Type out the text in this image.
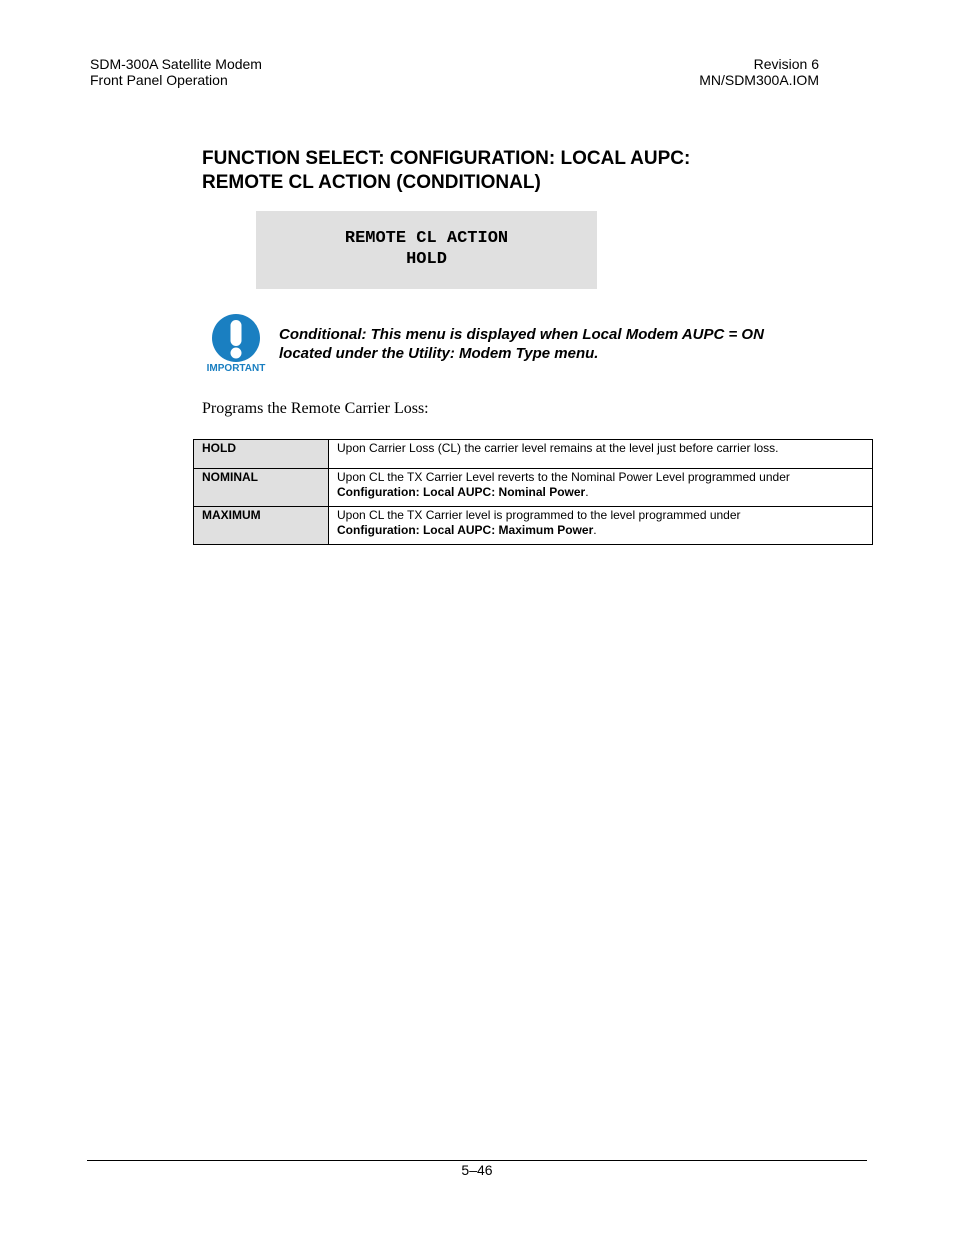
SDM-300A Satellite Modem
Front Panel Operation
Revision 6
MN/SDM300A.IOM
FUNCTION SELECT: CONFIGURATION: LOCAL AUPC:
REMOTE CL ACTION (CONDITIONAL)
REMOTE CL ACTION
HOLD
IMPORTANT
Conditional: This menu is displayed when Local Modem AUPC = ON
located under the Utility: Modem Type menu.
Programs the Remote Carrier Loss:
HOLD	Upon Carrier Loss (CL) the carrier level remains at the level just before carrier loss.
NOMINAL	Upon CL the TX Carrier Level reverts to the Nominal Power Level programmed under
Configuration: Local AUPC: Nominal Power.
MAXIMUM	Upon CL the TX Carrier level is programmed to the level programmed under
Configuration: Local AUPC: Maximum Power.
5–46
